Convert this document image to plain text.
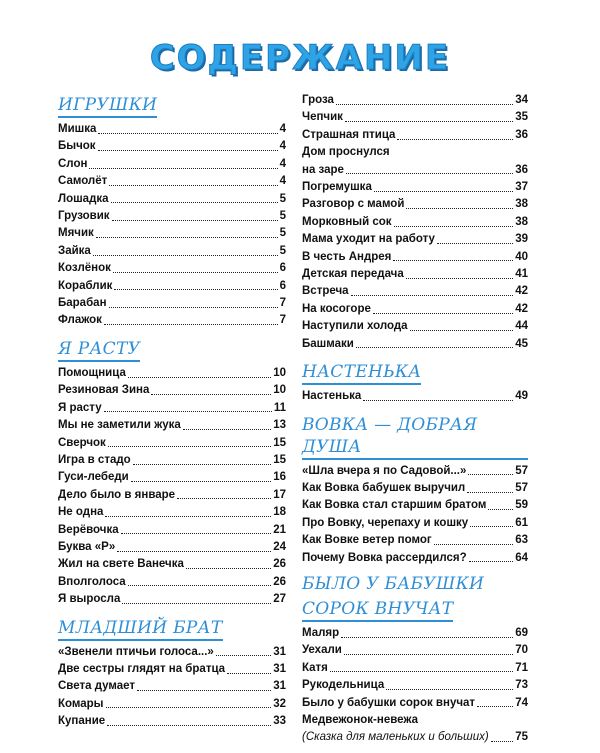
СОДЕРЖАНИЕ
ИГРУШКИ
Мишка	4
Бычок	4
Слон	4
Самолёт	4
Лошадка	5
Грузовик	5
Мячик	5
Зайка	5
Козлёнок	6
Кораблик	6
Барабан	7
Флажок	7
Я РАСТУ
Помощница	10
Резиновая Зина	10
Я расту	11
Мы не заметили жука	13
Сверчок	15
Игра в стадо	15
Гуси-лебеди	16
Дело было в январе	17
Не одна	18
Верёвочка	21
Буква «Р»	24
Жил на свете Ванечка	26
Вполголоса	26
Я выросла	27
МЛАДШИЙ БРАТ
«Звенели птичьи голоса...»	31
Две сестры глядят на братца	31
Света думает	31
Комары	32
Купание	33
Гроза	34
Чепчик	35
Страшная птица	36
Дом проснулся
на заре	36
Погремушка	37
Разговор с мамой	38
Морковный сок	38
Мама уходит на работу	39
В честь Андрея	40
Детская передача	41
Встреча	42
На косогоре	42
Наступили холода	44
Башмаки	45
НАСТЕНЬКА
Настенька	49
ВОВКА — ДОБРАЯ ДУША
«Шла вчера я по Садовой...»	57
Как Вовка бабушек выручил	57
Как Вовка стал старшим братом	59
Про Вовку, черепаху и кошку	61
Как Вовке ветер помог	63
Почему Вовка рассердился?	64
БЫЛО У БАБУШКИ
СОРОК ВНУЧАТ
Маляр	69
Уехали	70
Катя	71
Рукодельница	73
Было у бабушки сорок внучат	74
Медвежонок-невежа
(Сказка для маленьких и больших) 75
